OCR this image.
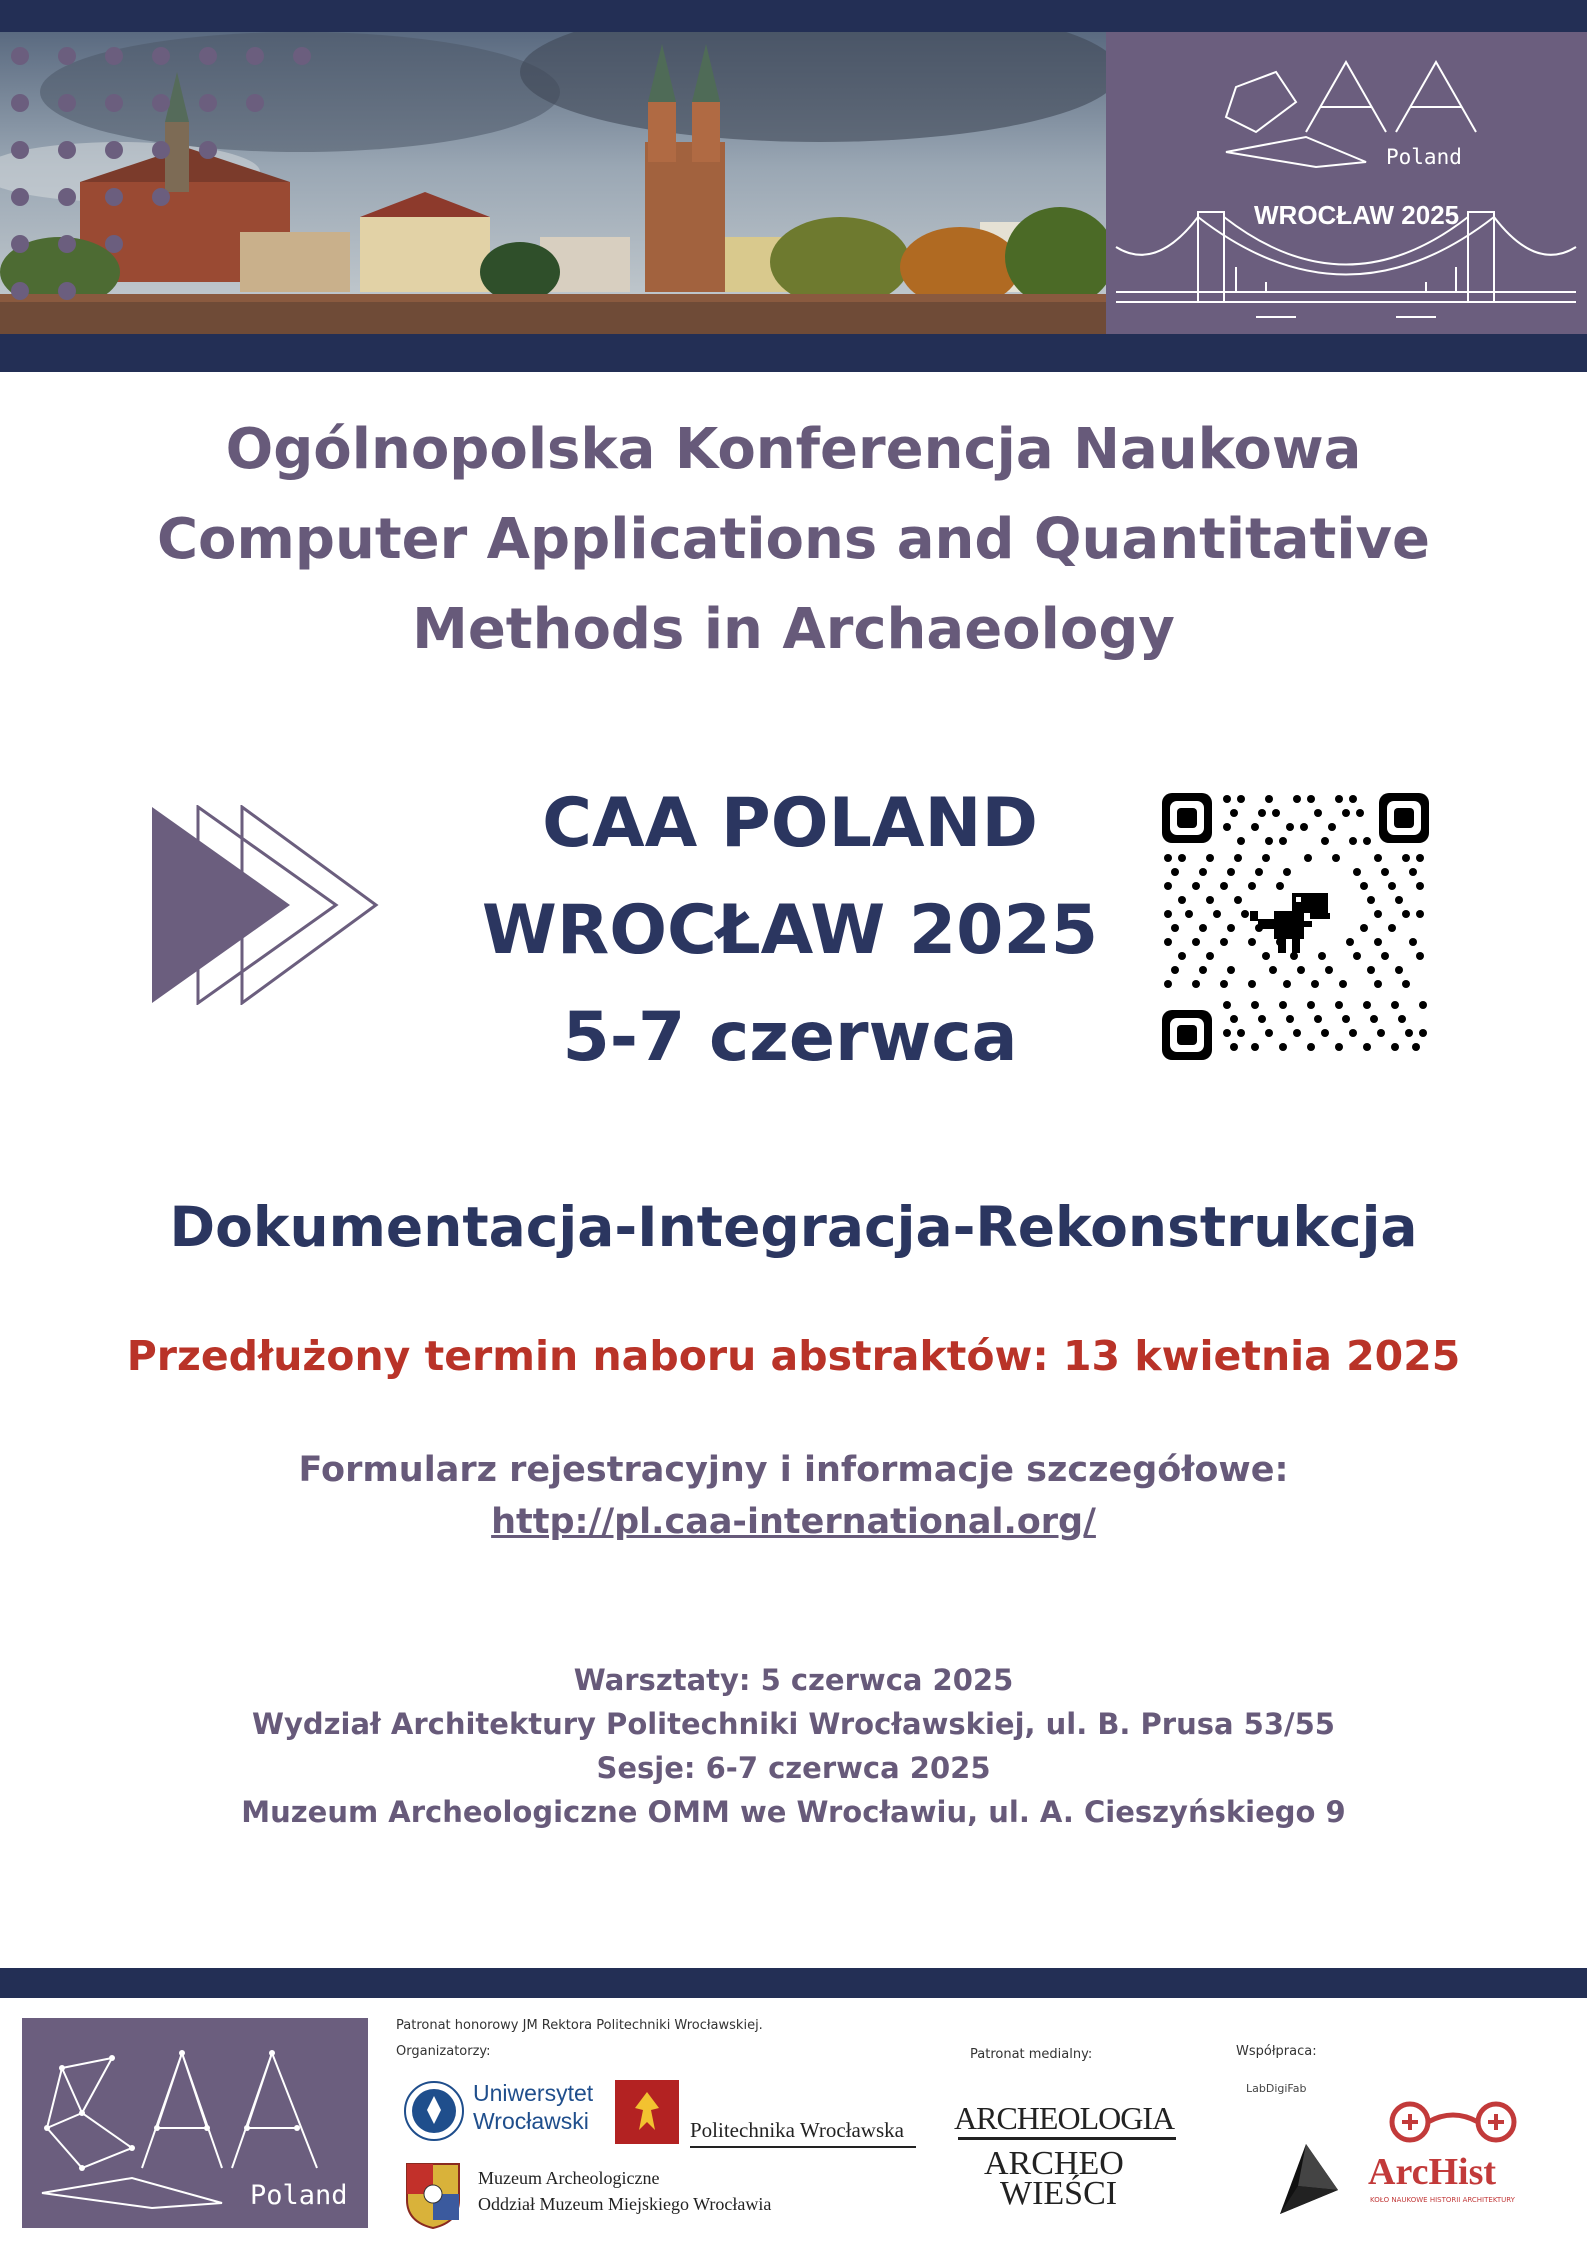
Poland
WROCŁAW 2025
Ogólnopolska Konferencja Naukowa
Computer Applications and Quantitative
Methods in Archaeology
CAA POLAND
WROCŁAW 2025
5-7 czerwca
Dokumentacja-Integracja-Rekonstrukcja
Przedłużony termin naboru abstraktów: 13 kwietnia 2025
Formularz rejestracyjny i informacje szczegółowe:
http://pl.caa-international.org/
Warsztaty: 5 czerwca 2025
Wydział Architektury Politechniki Wrocławskiej, ul. B. Prusa 53/55
Sesje: 6-7 czerwca 2025
Muzeum Archeologiczne OMM we Wrocławiu, ul. A. Cieszyńskiego 9
Poland
Patronat honorowy JM Rektora Politechniki Wrocławskiej.
Organizatorzy:
Uniwersytet
Wrocławski	Politechnika Wrocławska
Muzeum Archeologiczne
Oddział Muzeum Miejskiego Wrocławia
Patronat medialny:
ARCHEOLOGIA
ARCHEO
WIEŚCI
Współpraca:
LabDigiFab
ArcHist
KOŁO NAUKOWE HISTORII ARCHITEKTURY
